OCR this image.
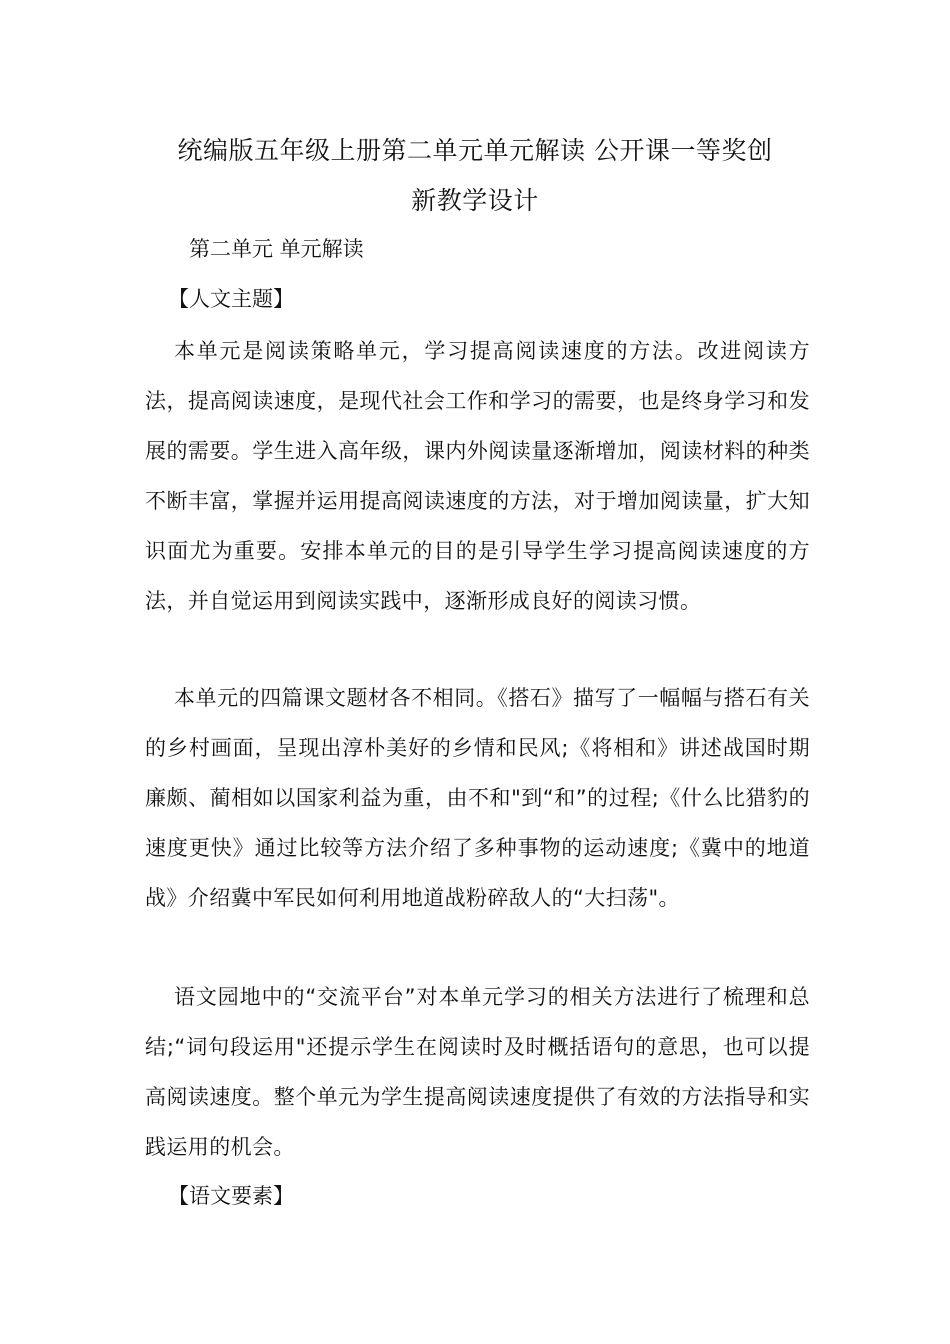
统编版五年级上册第二单元单元解读 公开课一等奖创
新教学设计
第二单元 单元解读
【人文主题】
本单元是阅读策略单元，学习提高阅读速度的方法。改进阅读方法，提高阅读速度，是现代社会工作和学习的需要，也是终身学习和发展的需要。学生进入高年级，课内外阅读量逐渐增加，阅读材料的种类不断丰富，掌握并运用提高阅读速度的方法，对于增加阅读量，扩大知识面尤为重要。安排本单元的目的是引导学生学习提高阅读速度的方法，并自觉运用到阅读实践中，逐渐形成良好的阅读习惯。
本单元的四篇课文题材各不相同。《搭石》描写了一幅幅与搭石有关的乡村画面，呈现出淳朴美好的乡情和民风;《将相和》讲述战国时期廉颇、蔺相如以国家利益为重，由不和"到“和”的过程;《什么比猎豹的速度更快》通过比较等方法介绍了多种事物的运动速度;《冀中的地道战》介绍冀中军民如何利用地道战粉碎敌人的“大扫荡"。
语文园地中的“交流平台”对本单元学习的相关方法进行了梳理和总结;“词句段运用"还提示学生在阅读时及时概括语句的意思，也可以提高阅读速度。整个单元为学生提高阅读速度提供了有效的方法指导和实践运用的机会。
【语文要素】
